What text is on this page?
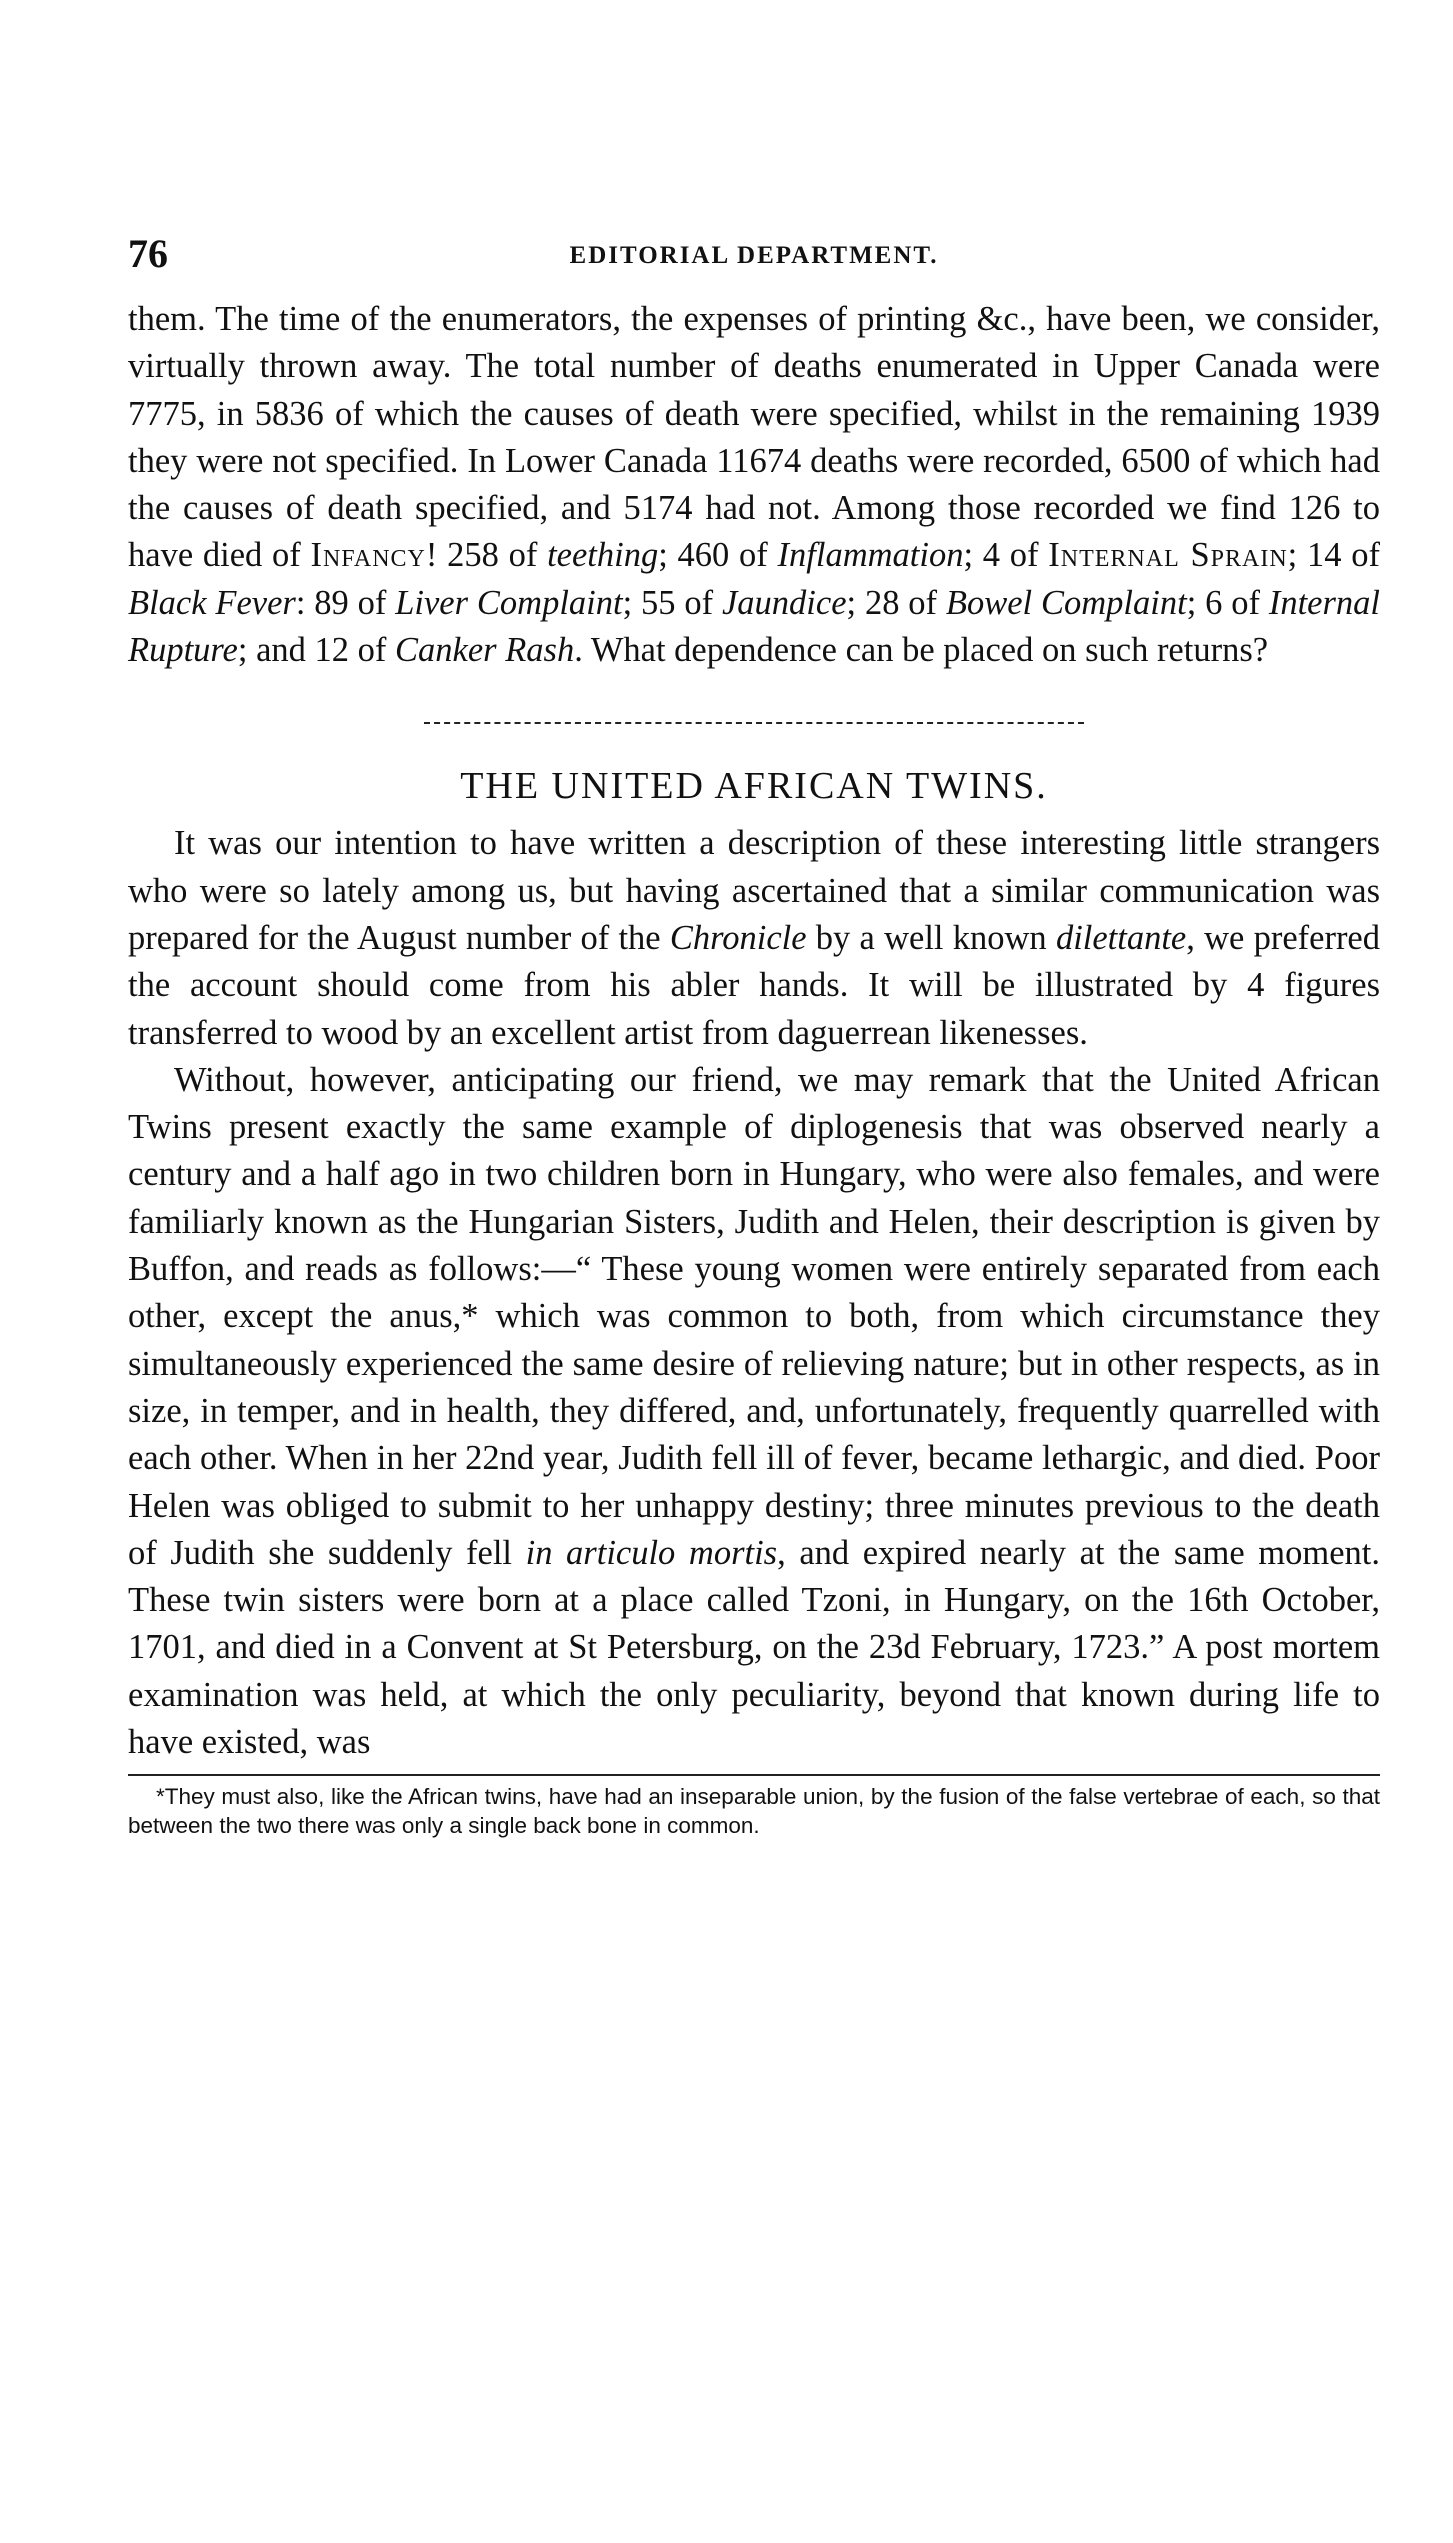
76	EDITORIAL DEPARTMENT.

them. The time of the enumerators, the expenses of printing &c., have been, we consider, virtually thrown away. The total number of deaths enumerated in Upper Canada were 7775, in 5836 of which the causes of death were specified, whilst in the remaining 1939 they were not specified. In Lower Canada 11674 deaths were recorded, 6500 of which had the causes of death specified, and 5174 had not. Among those recorded we find 126 to have died of Infancy! 258 of teething; 460 of Inflammation; 4 of Internal Sprain; 14 of Black Fever: 89 of Liver Complaint; 55 of Jaundice; 28 of Bowel Complaint; 6 of Internal Rupture; and 12 of Canker Rash. What dependence can be placed on such returns?

THE UNITED AFRICAN TWINS.

It was our intention to have written a description of these interesting little strangers who were so lately among us, but having ascertained that a similar communication was prepared for the August number of the Chronicle by a well known dilettante, we preferred the account should come from his abler hands. It will be illustrated by 4 figures transferred to wood by an excellent artist from daguerrean likenesses.

Without, however, anticipating our friend, we may remark that the United African Twins present exactly the same example of diplogenesis that was observed nearly a century and a half ago in two children born in Hungary, who were also females, and were familiarly known as the Hungarian Sisters, Judith and Helen, their description is given by Buffon, and reads as follows:—“ These young women were entirely separated from each other, except the anus,* which was common to both, from which circumstance they simultaneously experienced the same desire of relieving nature; but in other respects, as in size, in temper, and in health, they differed, and, unfortunately, frequently quarrelled with each other. When in her 22nd year, Judith fell ill of fever, became lethargic, and died. Poor Helen was obliged to submit to her unhappy destiny; three minutes previous to the death of Judith she suddenly fell in articulo mortis, and expired nearly at the same moment. These twin sisters were born at a place called Tzoni, in Hungary, on the 16th October, 1701, and died in a Convent at St Petersburg, on the 23d February, 1723.” A post mortem examination was held, at which the only peculiarity, beyond that known during life to have existed, was

*They must also, like the African twins, have had an inseparable union, by the fusion of the false vertebrae of each, so that between the two there was only a single back bone in common.
